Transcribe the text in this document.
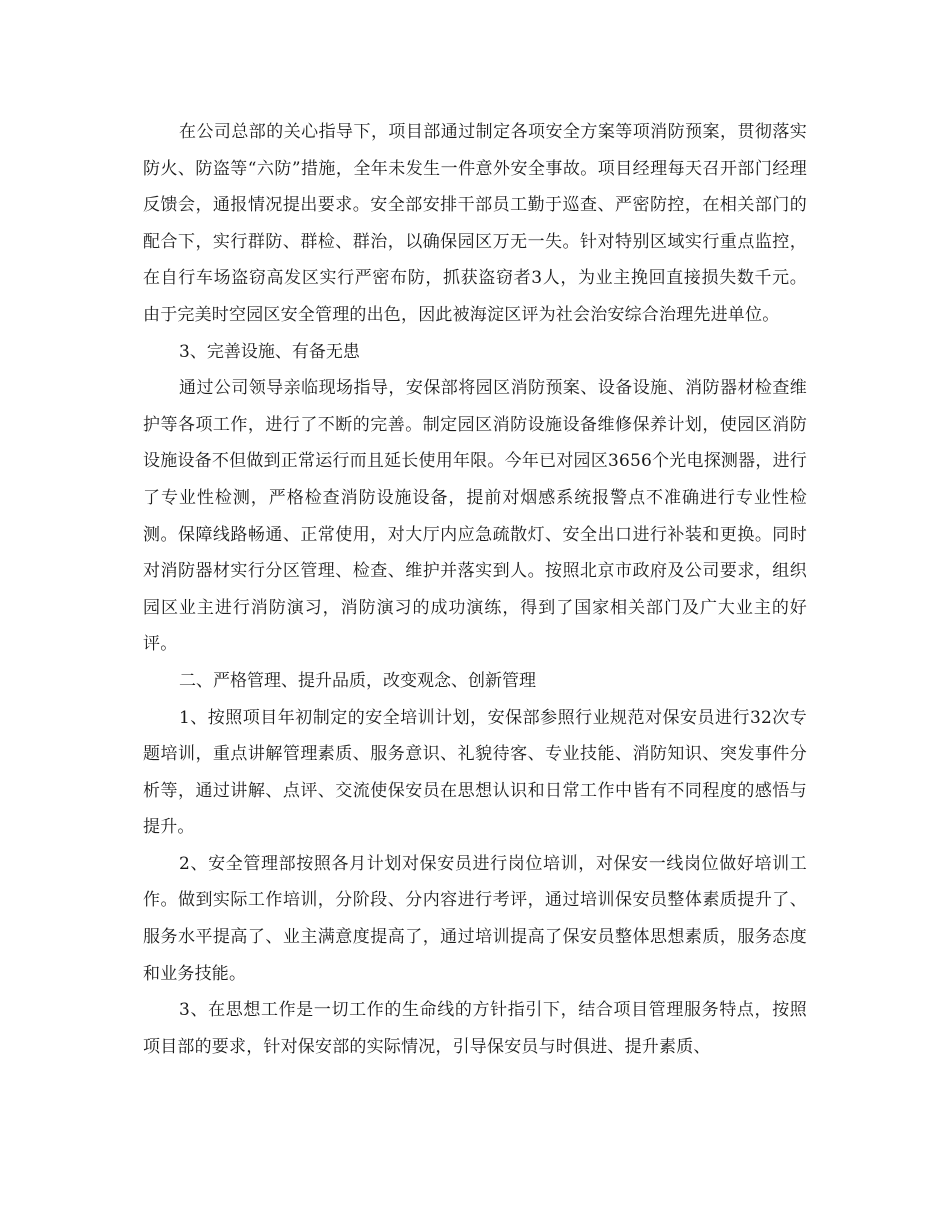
在公司总部的关心指导下，项目部通过制定各项安全方案等项消防预案，贯彻落实防火、防盗等“六防”措施，全年未发生一件意外安全事故。项目经理每天召开部门经理反馈会，通报情况提出要求。安全部安排干部员工勤于巡查、严密防控，在相关部门的配合下，实行群防、群检、群治，以确保园区万无一失。针对特别区域实行重点监控，在自行车场盗窃高发区实行严密布防，抓获盗窃者3人，为业主挽回直接损失数千元。由于完美时空园区安全管理的出色，因此被海淀区评为社会治安综合治理先进单位。

3、完善设施、有备无患

通过公司领导亲临现场指导，安保部将园区消防预案、设备设施、消防器材检查维护等各项工作，进行了不断的完善。制定园区消防设施设备维修保养计划，使园区消防设施设备不但做到正常运行而且延长使用年限。今年已对园区3656个光电探测器，进行了专业性检测，严格检查消防设施设备，提前对烟感系统报警点不准确进行专业性检测。保障线路畅通、正常使用，对大厅内应急疏散灯、安全出口进行补装和更换。同时对消防器材实行分区管理、检查、维护并落实到人。按照北京市政府及公司要求，组织园区业主进行消防演习，消防演习的成功演练，得到了国家相关部门及广大业主的好评。

二、严格管理、提升品质，改变观念、创新管理

1、按照项目年初制定的安全培训计划，安保部参照行业规范对保安员进行32次专题培训，重点讲解管理素质、服务意识、礼貌待客、专业技能、消防知识、突发事件分析等，通过讲解、点评、交流使保安员在思想认识和日常工作中皆有不同程度的感悟与提升。

2、安全管理部按照各月计划对保安员进行岗位培训，对保安一线岗位做好培训工作。做到实际工作培训，分阶段、分内容进行考评，通过培训保安员整体素质提升了、服务水平提高了、业主满意度提高了，通过培训提高了保安员整体思想素质，服务态度和业务技能。

3、在思想工作是一切工作的生命线的方针指引下，结合项目管理服务特点，按照项目部的要求，针对保安部的实际情况，引导保安员与时俱进、提升素质、
